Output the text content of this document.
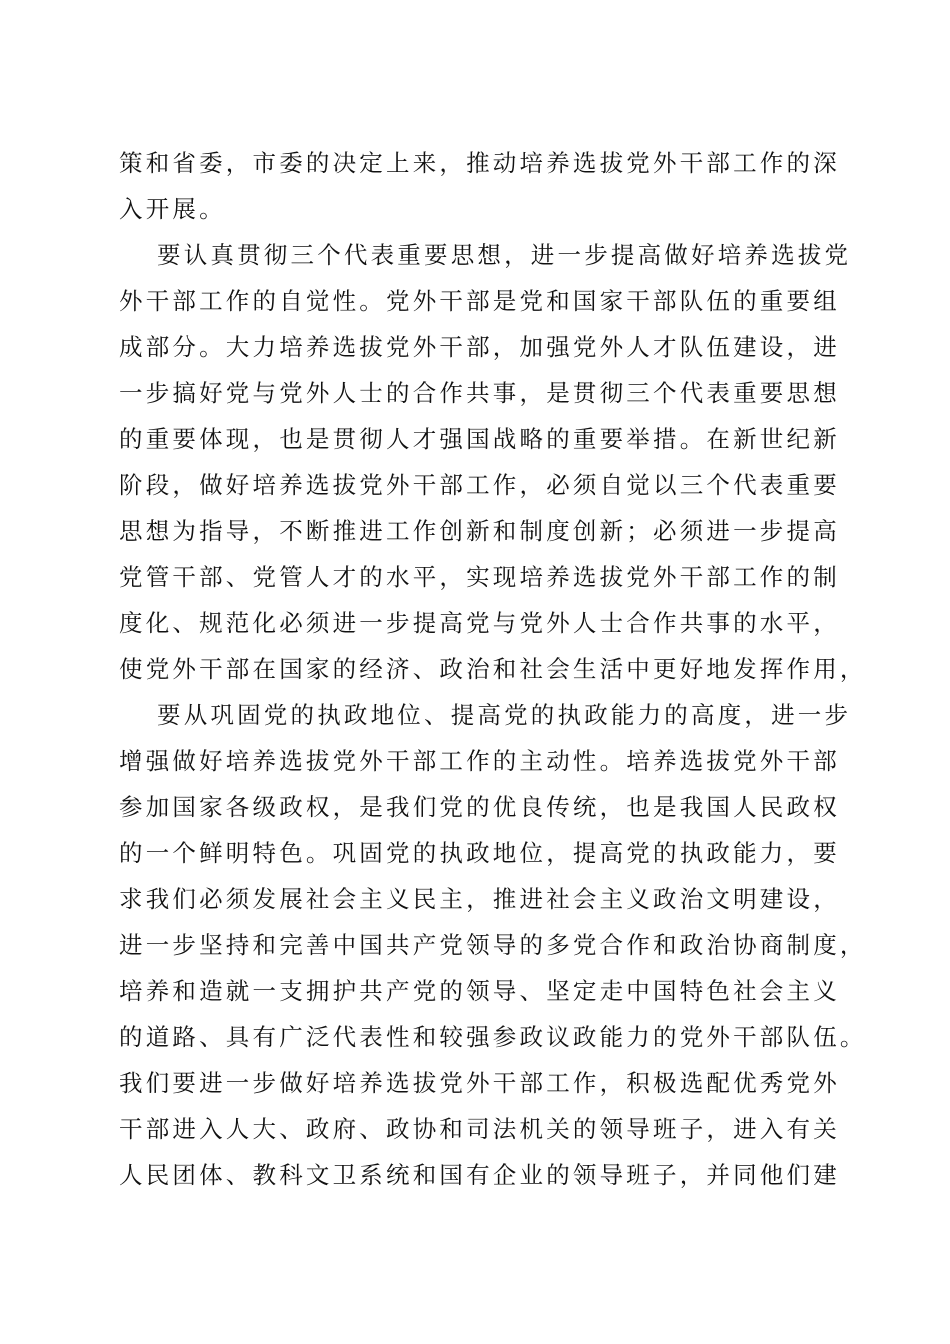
策和省委，市委的决定上来，推动培养选拔党外干部工作的深
入开展。
要认真贯彻三个代表重要思想，进一步提高做好培养选拔党
外干部工作的自觉性。党外干部是党和国家干部队伍的重要组
成部分。大力培养选拔党外干部，加强党外人才队伍建设，进
一步搞好党与党外人士的合作共事，是贯彻三个代表重要思想
的重要体现，也是贯彻人才强国战略的重要举措。在新世纪新
阶段，做好培养选拔党外干部工作，必须自觉以三个代表重要
思想为指导，不断推进工作创新和制度创新；必须进一步提高
党管干部、党管人才的水平，实现培养选拔党外干部工作的制
度化、规范化必须进一步提高党与党外人士合作共事的水平，
使党外干部在国家的经济、政治和社会生活中更好地发挥作用，
要从巩固党的执政地位、提高党的执政能力的高度，进一步
增强做好培养选拔党外干部工作的主动性。培养选拔党外干部
参加国家各级政权，是我们党的优良传统，也是我国人民政权
的一个鲜明特色。巩固党的执政地位，提高党的执政能力，要
求我们必须发展社会主义民主，推进社会主义政治文明建设，
进一步坚持和完善中国共产党领导的多党合作和政治协商制度，
培养和造就一支拥护共产党的领导、坚定走中国特色社会主义
的道路、具有广泛代表性和较强参政议政能力的党外干部队伍。
我们要进一步做好培养选拔党外干部工作，积极选配优秀党外
干部进入人大、政府、政协和司法机关的领导班子，进入有关
人民团体、教科文卫系统和国有企业的领导班子，并同他们建
